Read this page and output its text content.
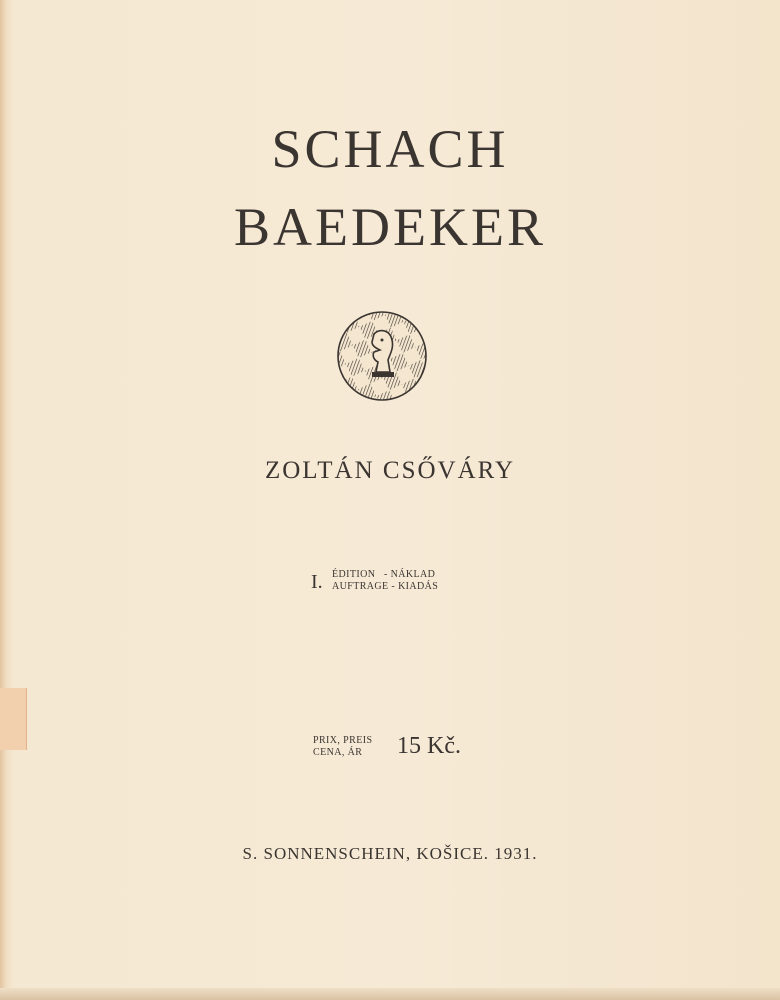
SCHACH
BAEDEKER
ZOLTÁN CSŐVÁRY
I. ÉDITION   - NÁKLAD
AUFTRAGE - KIADÁS
PRIX, PREIS
CENA, ÁR	15 Kč.
S. SONNENSCHEIN, KOŠICE. 1931.
